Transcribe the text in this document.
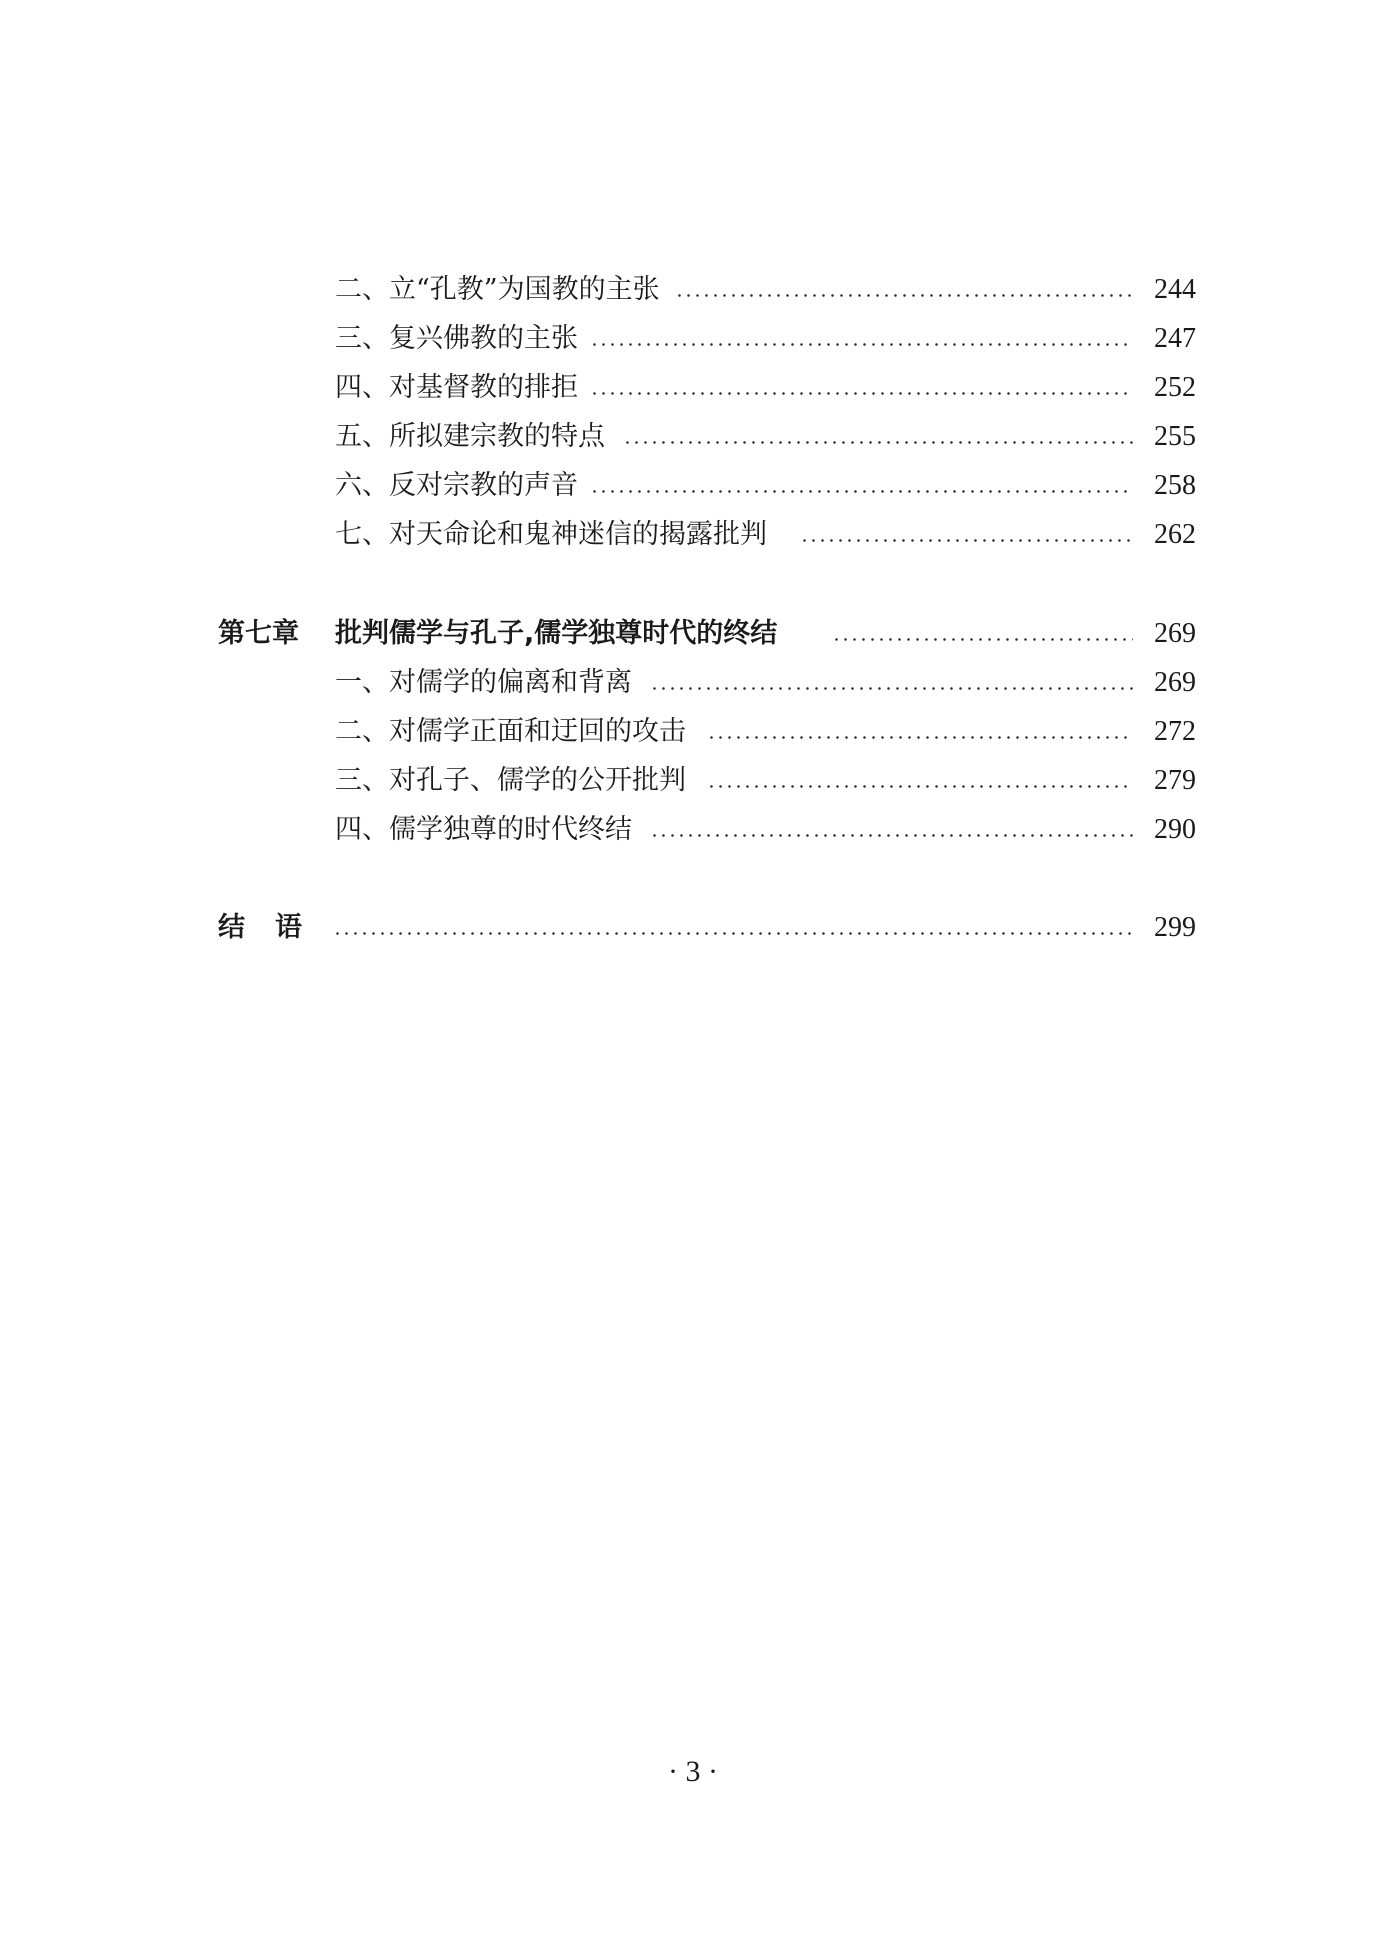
二、立“孔教”为国教的主张	244
三、复兴佛教的主张	247
四、对基督教的排拒	252
五、所拟建宗教的特点	255
六、反对宗教的声音	258
七、对天命论和鬼神迷信的揭露批判	262
第七章 批判儒学与孔子,儒学独尊时代的终结	269
一、对儒学的偏离和背离	269
二、对儒学正面和迂回的攻击	272
三、对孔子、儒学的公开批判	279
四、儒学独尊的时代终结	290
结语	299
· 3 ·
